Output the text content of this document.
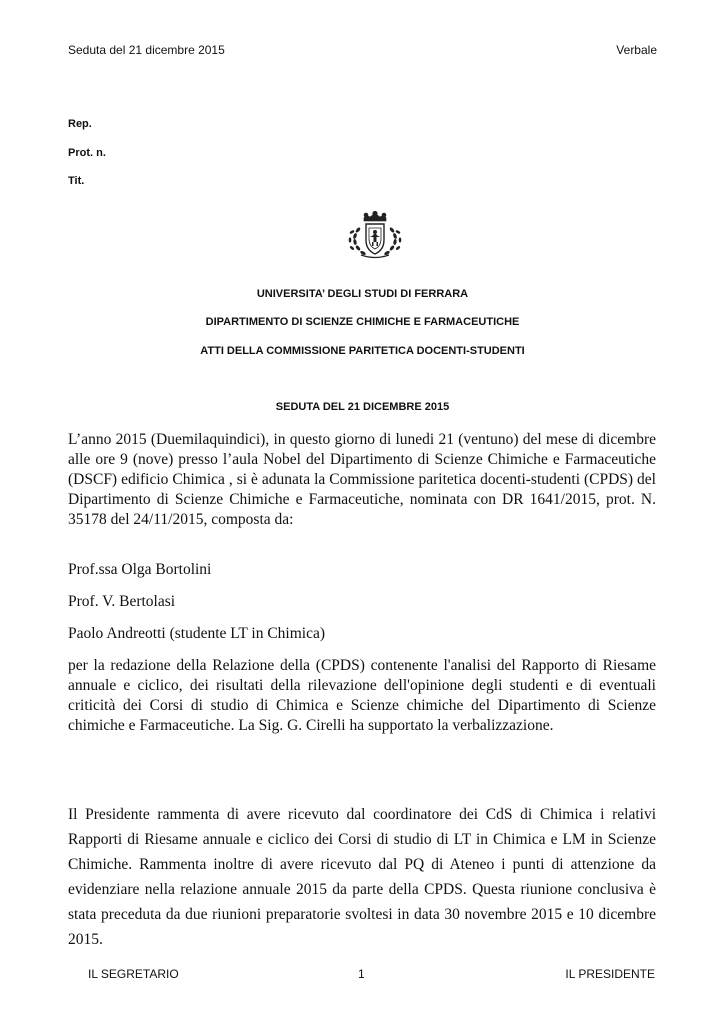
Seduta del 21 dicembre 2015	Verbale
Rep.
Prot. n.
Tit.
UNIVERSITA’ DEGLI STUDI DI FERRARA
DIPARTIMENTO DI SCIENZE CHIMICHE E FARMACEUTICHE
ATTI DELLA COMMISSIONE PARITETICA DOCENTI-STUDENTI
SEDUTA DEL 21 DICEMBRE 2015
L’anno 2015 (Duemilaquindici), in questo giorno di lunedi 21 (ventuno) del mese di dicembre alle ore 9 (nove) presso l’aula Nobel del Dipartimento di Scienze Chimiche e Farmaceutiche (DSCF) edificio Chimica , si è adunata la Commissione paritetica docenti-studenti (CPDS) del Dipartimento di Scienze Chimiche e Farmaceutiche, nominata con DR 1641/2015, prot. N. 35178 del 24/11/2015, composta da:
Prof.ssa Olga Bortolini
Prof. V. Bertolasi
Paolo Andreotti (studente LT in Chimica)
per la redazione della Relazione della (CPDS) contenente l'analisi del Rapporto di Riesame annuale e ciclico, dei risultati della rilevazione dell'opinione degli studenti e di eventuali criticità dei Corsi di studio di Chimica e Scienze chimiche del Dipartimento di Scienze chimiche e Farmaceutiche. La Sig. G. Cirelli ha supportato la verbalizzazione.
Il Presidente rammenta di avere ricevuto dal coordinatore dei CdS di Chimica i relativi Rapporti di Riesame annuale e ciclico dei Corsi di studio di LT in Chimica e LM in Scienze Chimiche. Rammenta inoltre di avere ricevuto dal PQ di Ateneo i punti di attenzione da evidenziare nella relazione annuale 2015 da parte della CPDS. Questa riunione conclusiva è stata preceduta da due riunioni preparatorie svoltesi in data 30 novembre 2015 e 10 dicembre 2015.
IL SEGRETARIO	1	IL PRESIDENTE
